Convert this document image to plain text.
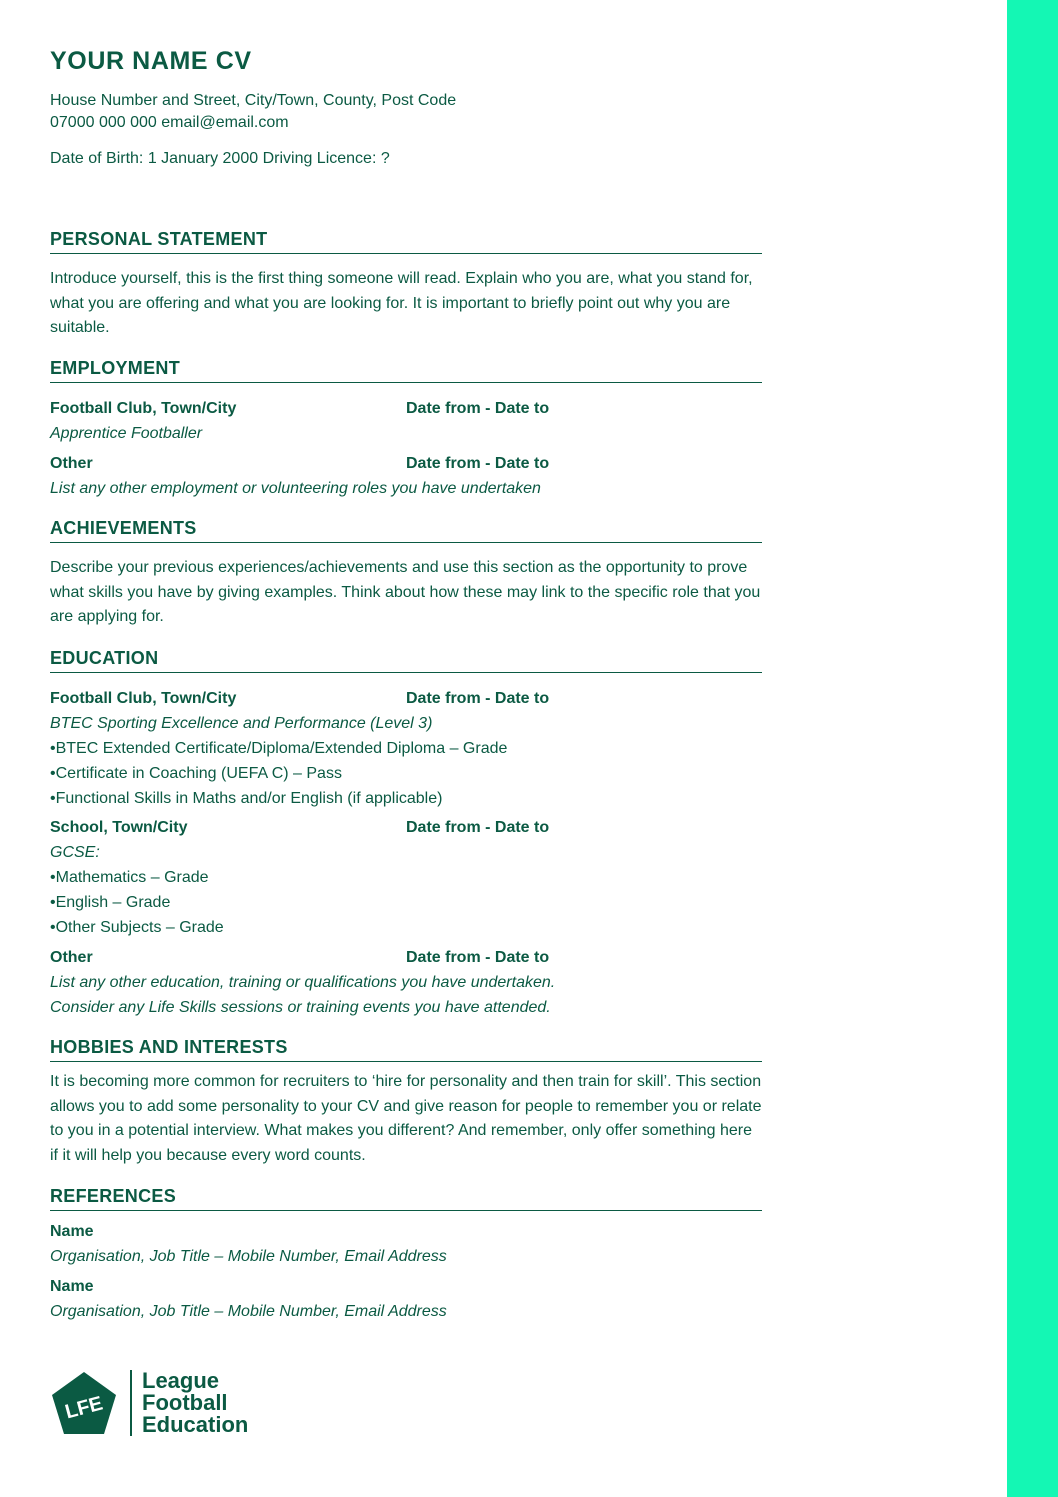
YOUR NAME CV
House Number and Street, City/Town, County, Post Code
07000 000 000 email@email.com
Date of Birth: 1 January 2000 Driving Licence: ?
PERSONAL STATEMENT
Introduce yourself, this is the first thing someone will read. Explain who you are, what you stand for, what you are offering and what you are looking for. It is important to briefly point out why you are suitable.
EMPLOYMENT
Football Club, Town/City	Date from - Date to
Apprentice Footballer
Other	Date from - Date to
List any other employment or volunteering roles you have undertaken
ACHIEVEMENTS
Describe your previous experiences/achievements and use this section as the opportunity to prove what skills you have by giving examples. Think about how these may link to the specific role that you are applying for.
EDUCATION
Football Club, Town/City	Date from - Date to
BTEC Sporting Excellence and Performance (Level 3)
• BTEC Extended Certificate/Diploma/Extended Diploma – Grade
• Certificate in Coaching (UEFA C) – Pass
• Functional Skills in Maths and/or English (if applicable)
School, Town/City	Date from - Date to
GCSE:
• Mathematics – Grade
• English – Grade
• Other Subjects – Grade
Other	Date from - Date to
List any other education, training or qualifications you have undertaken.
Consider any Life Skills sessions or training events you have attended.
HOBBIES AND INTERESTS
It is becoming more common for recruiters to ‘hire for personality and then train for skill’. This section allows you to add some personality to your CV and give reason for people to remember you or relate to you in a potential interview. What makes you different? And remember, only offer something here if it will help you because every word counts.
REFERENCES
Name
Organisation, Job Title – Mobile Number, Email Address
Name
Organisation, Job Title – Mobile Number, Email Address
LFE
League
Football
Education
